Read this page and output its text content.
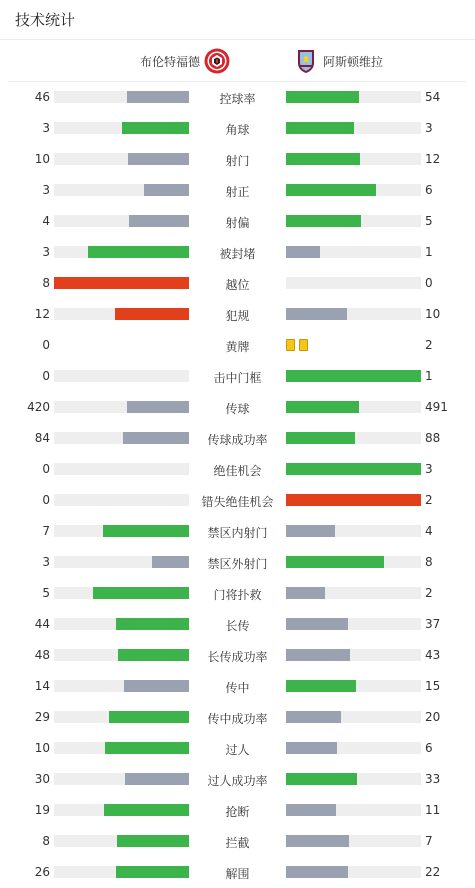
技术统计
布伦特福德	阿斯顿维拉
46	控球率	54
3	角球	3
10	射门	12
3	射正	6
4	射偏	5
3	被封堵	1
8	越位	0
12	犯规	10
0	黄牌	2
0	击中门框	1
420	传球	491
84	传球成功率	88
0	绝佳机会	3
0	错失绝佳机会	2
7	禁区内射门	4
3	禁区外射门	8
5	门将扑救	2
44	长传	37
48	长传成功率	43
14	传中	15
29	传中成功率	20
10	过人	6
30	过人成功率	33
19	抢断	11
8	拦截	7
26	解围	22
